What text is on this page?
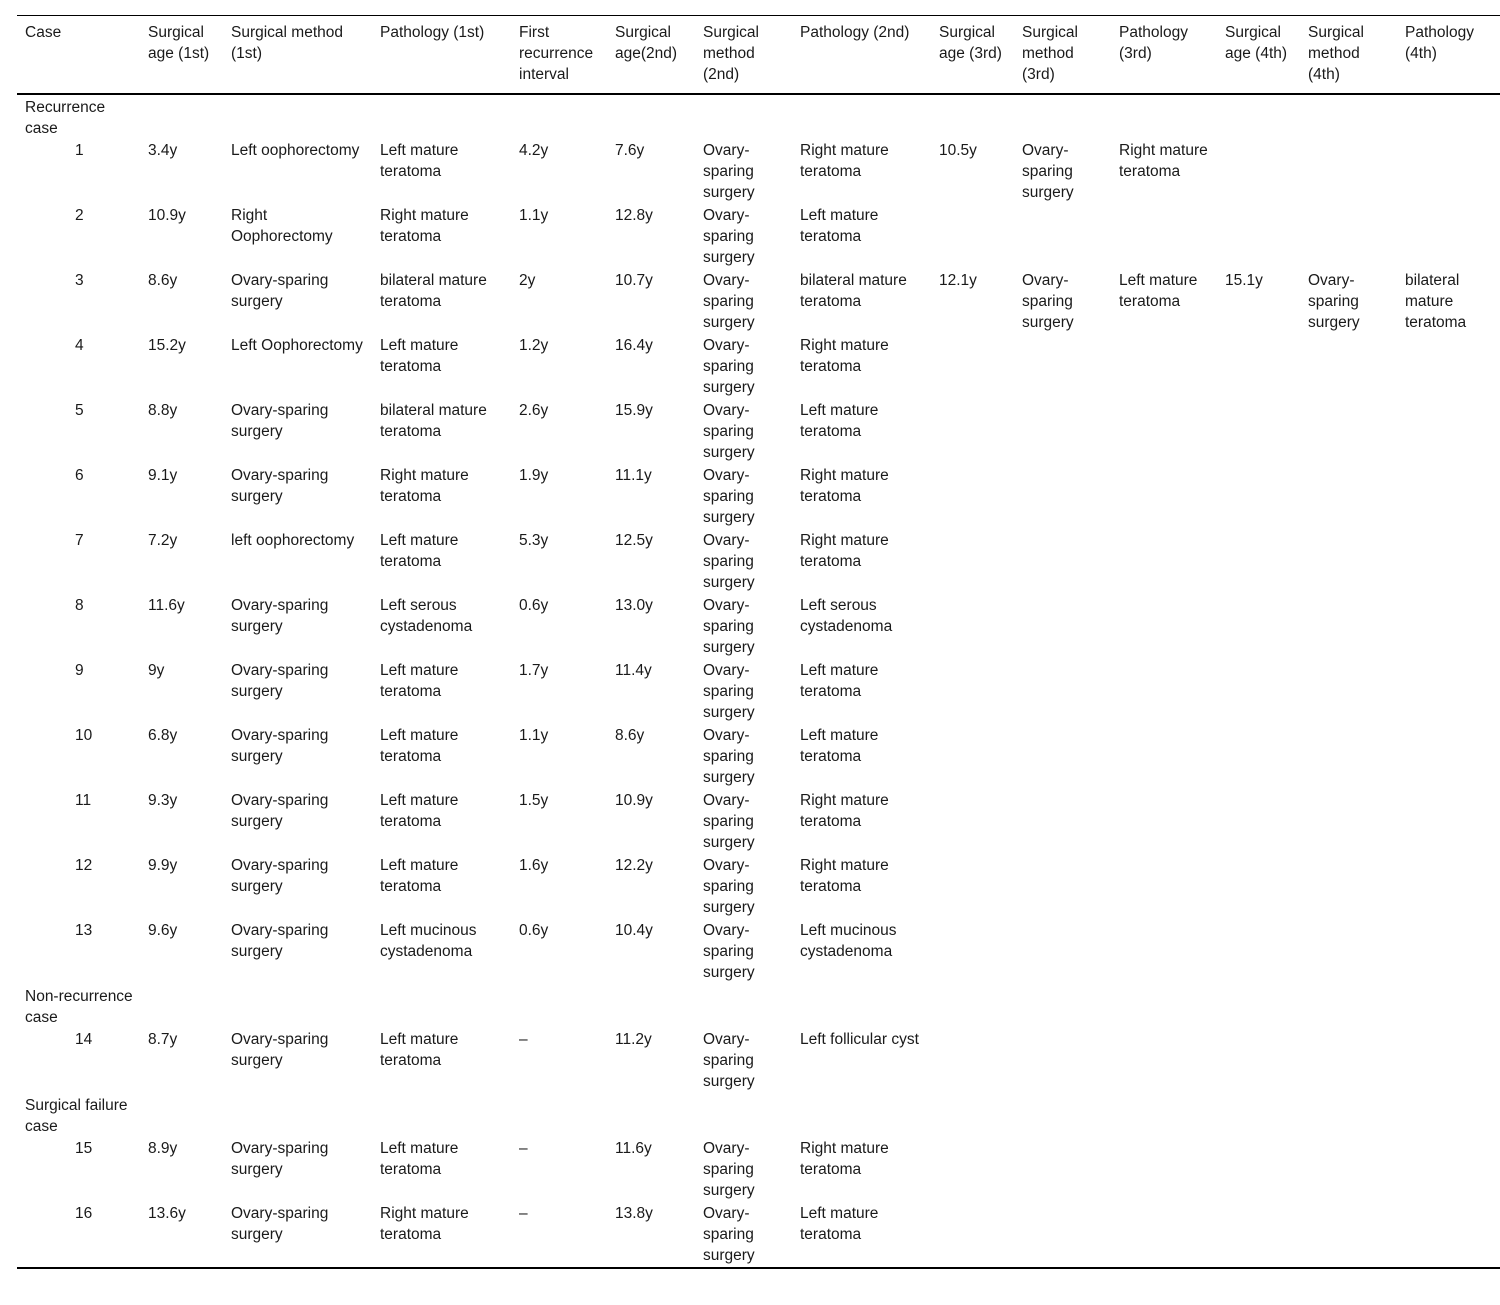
Case	Surgical age (1st)	Surgical method (1st)	Pathology (1st)	First recurrence interval	Surgical age(2nd)	Surgical method (2nd)	Pathology (2nd)	Surgical age (3rd)	Surgical method (3rd)	Pathology (3rd)	Surgical age (4th)	Surgical method (4th)	Pathology (4th)
Recurrence case													
1	3.4y	Left oophorectomy	Left mature teratoma	4.2y	7.6y	Ovary-sparing surgery	Right mature teratoma	10.5y	Ovary-sparing surgery	Right mature teratoma			
2	10.9y	Right Oophorectomy	Right mature teratoma	1.1y	12.8y	Ovary-sparing surgery	Left mature teratoma						
3	8.6y	Ovary-sparing surgery	bilateral mature teratoma	2y	10.7y	Ovary-sparing surgery	bilateral mature teratoma	12.1y	Ovary-sparing surgery	Left mature teratoma	15.1y	Ovary-sparing surgery	bilateral mature teratoma
4	15.2y	Left Oophorectomy	Left mature teratoma	1.2y	16.4y	Ovary-sparing surgery	Right mature teratoma						
5	8.8y	Ovary-sparing surgery	bilateral mature teratoma	2.6y	15.9y	Ovary-sparing surgery	Left mature teratoma						
6	9.1y	Ovary-sparing surgery	Right mature teratoma	1.9y	11.1y	Ovary-sparing surgery	Right mature teratoma						
7	7.2y	left oophorectomy	Left mature teratoma	5.3y	12.5y	Ovary-sparing surgery	Right mature teratoma						
8	11.6y	Ovary-sparing surgery	Left serous cystadenoma	0.6y	13.0y	Ovary-sparing surgery	Left serous cystadenoma						
9	9y	Ovary-sparing surgery	Left mature teratoma	1.7y	11.4y	Ovary-sparing surgery	Left mature teratoma						
10	6.8y	Ovary-sparing surgery	Left mature teratoma	1.1y	8.6y	Ovary-sparing surgery	Left mature teratoma						
11	9.3y	Ovary-sparing surgery	Left mature teratoma	1.5y	10.9y	Ovary-sparing surgery	Right mature teratoma						
12	9.9y	Ovary-sparing surgery	Left mature teratoma	1.6y	12.2y	Ovary-sparing surgery	Right mature teratoma						
13	9.6y	Ovary-sparing surgery	Left mucinous cystadenoma	0.6y	10.4y	Ovary-sparing surgery	Left mucinous cystadenoma						
Non-recurrence case													
14	8.7y	Ovary-sparing surgery	Left mature teratoma	–	11.2y	Ovary-sparing surgery	Left follicular cyst						
Surgical failure case													
15	8.9y	Ovary-sparing surgery	Left mature teratoma	–	11.6y	Ovary-sparing surgery	Right mature teratoma						
16	13.6y	Ovary-sparing surgery	Right mature teratoma	–	13.8y	Ovary-sparing surgery	Left mature teratoma						
